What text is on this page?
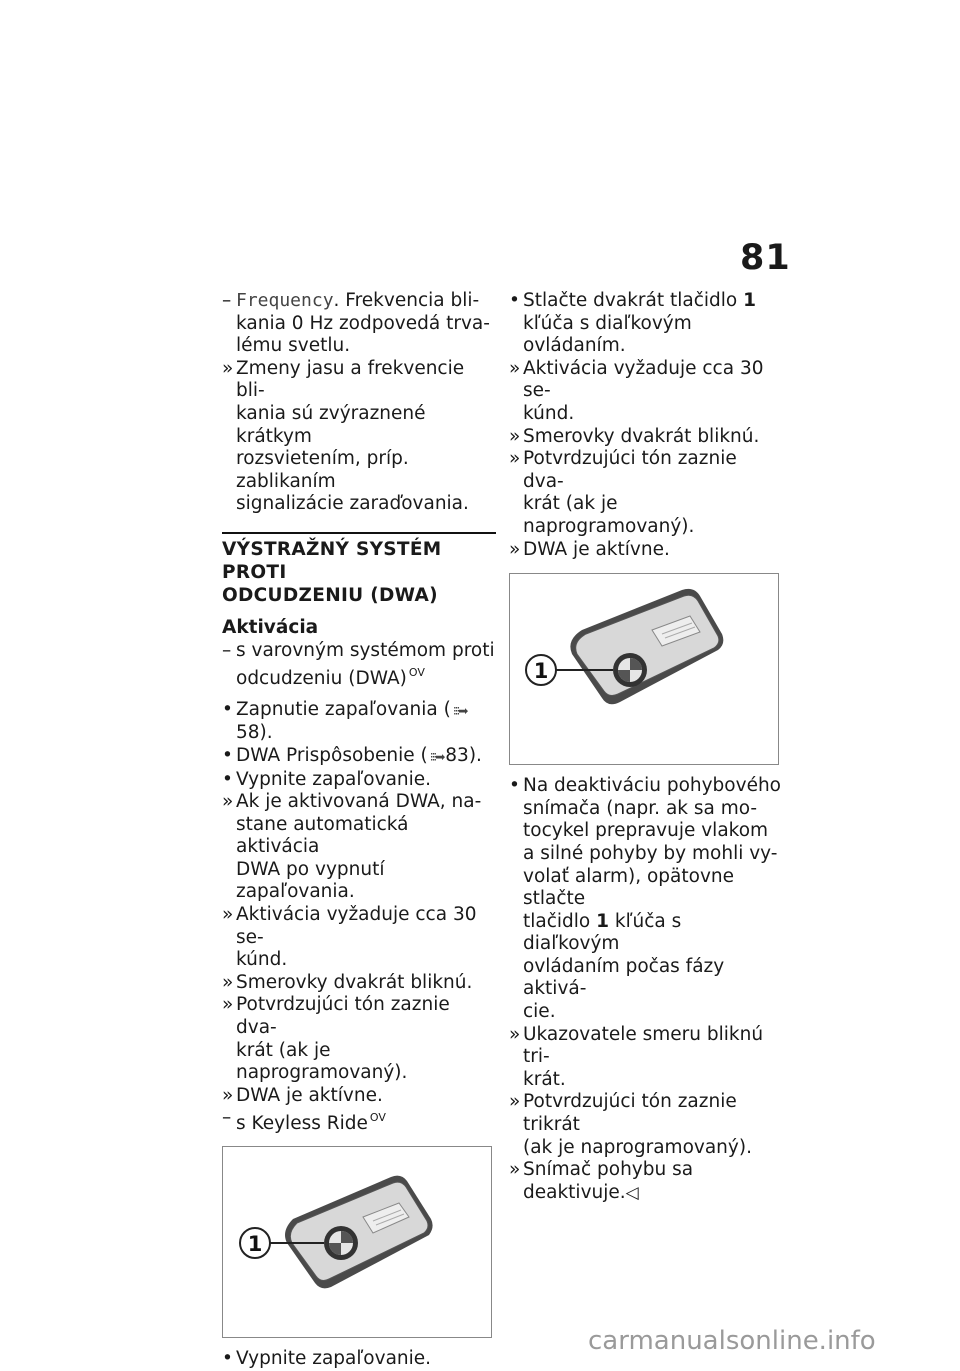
81

– Frequency. Frekvencia bli-
kania 0 Hz zodpovedá trva-
lému svetlu.

» Zmeny jasu a frekvencie bli-
kania sú zvýraznené krátkym
rozsvietením, príp. zablikaním
signalizácie zaraďovania.

VÝSTRAŽNÝ SYSTÉM PROTI
ODCUDZENIU (DWA)
Aktivácia

– s varovným systémom proti
odcudzeniu (DWA) $^{OV}$

• Zapnutie zapaľovania ( ⁝⁝⁝➡58).

• DWA Prispôsobenie ( ⁝⁝⁝➡ 83).

• Vypnite zapaľovanie.

» Ak je aktivovaná DWA, na-
stane automatická aktivácia
DWA po vypnutí zapaľovania.

» Aktivácia vyžaduje cca 30 se-
kúnd.

» Smerovky dvakrát bliknú.

» Potvrdzujúci tón zaznie dva-
krát (ak je naprogramovaný).

» DWA je aktívne.

– s Keyless Ride $^{OV}$

1

• Vypnite zapaľovanie.

• Stlačte dvakrát tlačidlo 1
kľúča s diaľkovým ovládaním.

» Aktivácia vyžaduje cca 30 se-
kúnd.

» Smerovky dvakrát bliknú.

» Potvrdzujúci tón zaznie dva-
krát (ak je naprogramovaný).

» DWA je aktívne.

1

• Na deaktiváciu pohybového
snímača (napr. ak sa mo-
tocykel prepravuje vlakom
a silné pohyby by mohli vy-
volať alarm), opätovne stlačte
tlačidlo 1 kľúča s diaľkovým
ovládaním počas fázy aktivá-
cie.

» Ukazovatele smeru bliknú tri-
krát.

» Potvrdzujúci tón zaznie trikrát
(ak je naprogramovaný).

» Snímač pohybu sa
deaktivuje.◁

carmanualsonline.info
